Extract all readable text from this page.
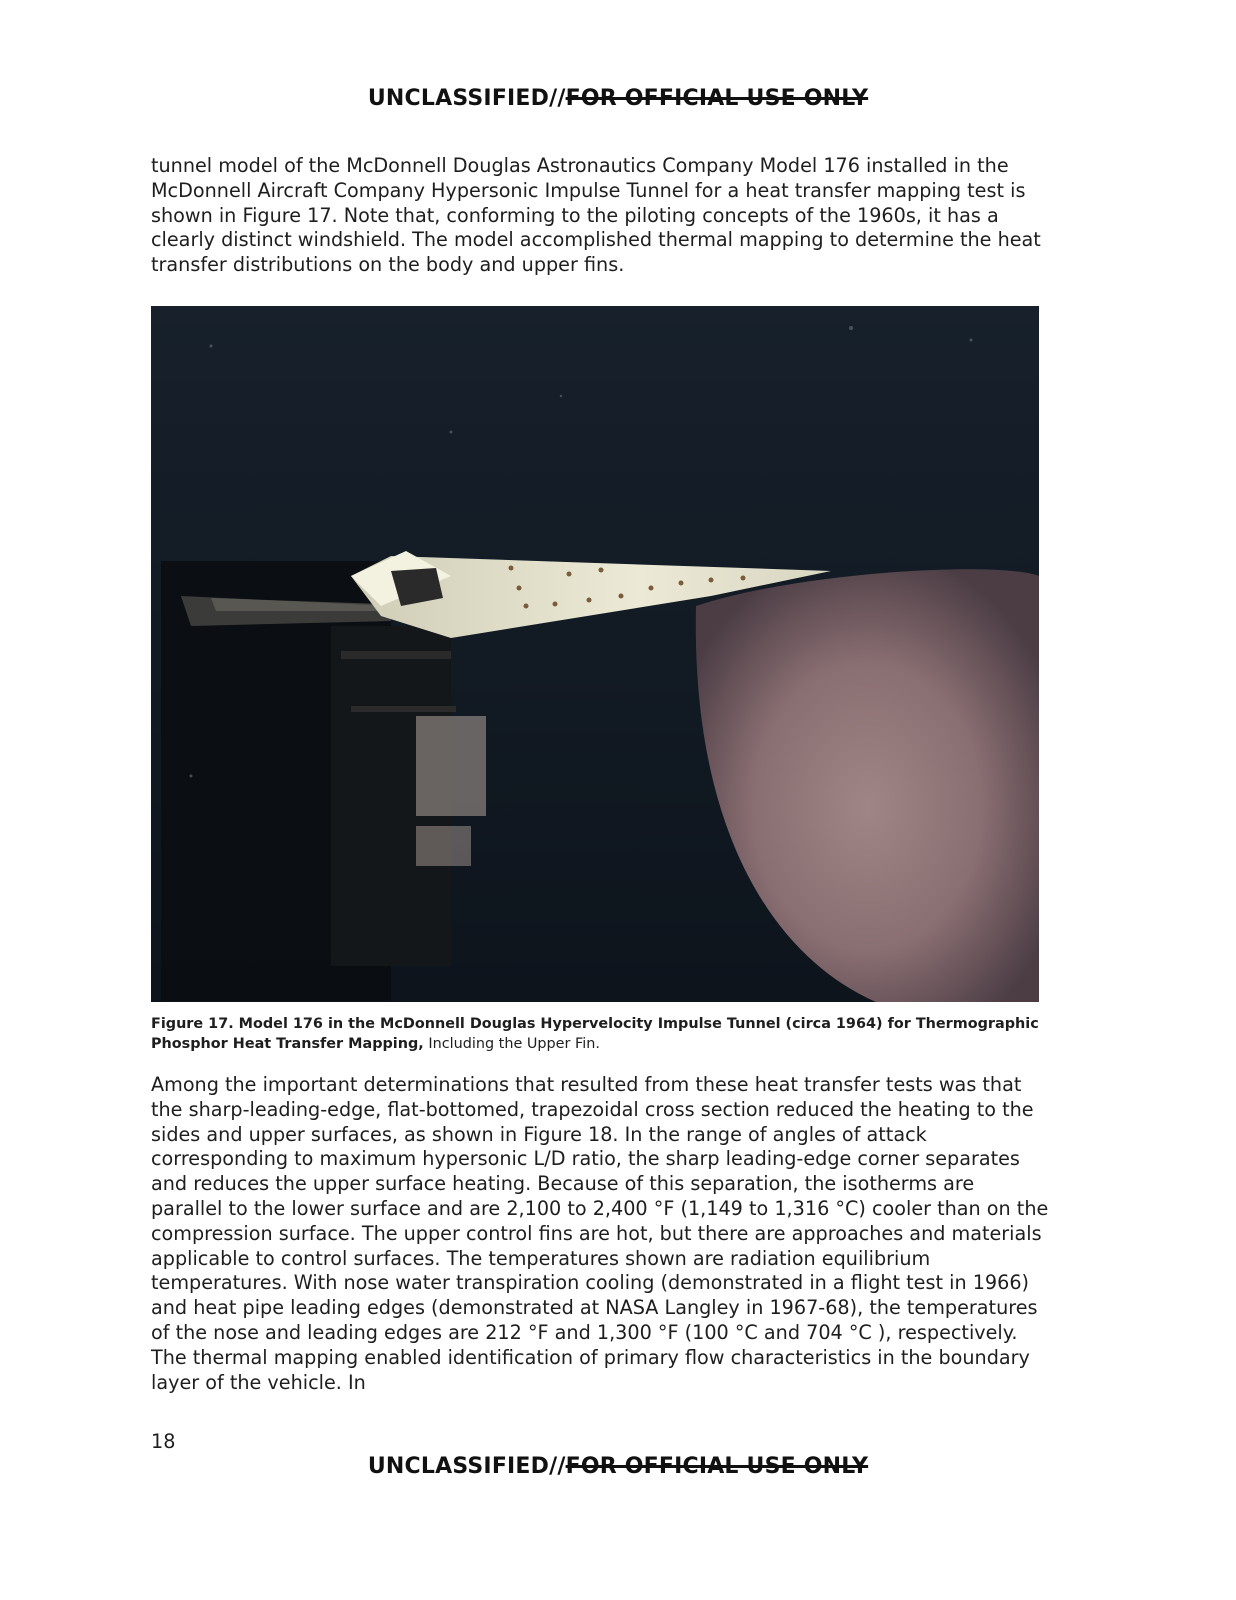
UNCLASSIFIED//FOR OFFICIAL USE ONLY

tunnel model of the McDonnell Douglas Astronautics Company Model 176 installed in the McDonnell Aircraft Company Hypersonic Impulse Tunnel for a heat transfer mapping test is shown in Figure 17. Note that, conforming to the piloting concepts of the 1960s, it has a clearly distinct windshield. The model accomplished thermal mapping to determine the heat transfer distributions on the body and upper fins.

Figure 17. Model 176 in the McDonnell Douglas Hypervelocity Impulse Tunnel (circa 1964) for Thermographic Phosphor Heat Transfer Mapping, Including the Upper Fin.

Among the important determinations that resulted from these heat transfer tests was that the sharp-leading-edge, flat-bottomed, trapezoidal cross section reduced the heating to the sides and upper surfaces, as shown in Figure 18. In the range of angles of attack corresponding to maximum hypersonic L/D ratio, the sharp leading-edge corner separates and reduces the upper surface heating. Because of this separation, the isotherms are parallel to the lower surface and are 2,100 to 2,400 °F (1,149 to 1,316 °C) cooler than on the compression surface. The upper control fins are hot, but there are approaches and materials applicable to control surfaces. The temperatures shown are radiation equilibrium temperatures. With nose water transpiration cooling (demonstrated in a flight test in 1966) and heat pipe leading edges (demonstrated at NASA Langley in 1967-68), the temperatures of the nose and leading edges are 212 °F and 1,300 °F (100 °C and 704 °C ), respectively. The thermal mapping enabled identification of primary flow characteristics in the boundary layer of the vehicle. In

18
UNCLASSIFIED//FOR OFFICIAL USE ONLY
